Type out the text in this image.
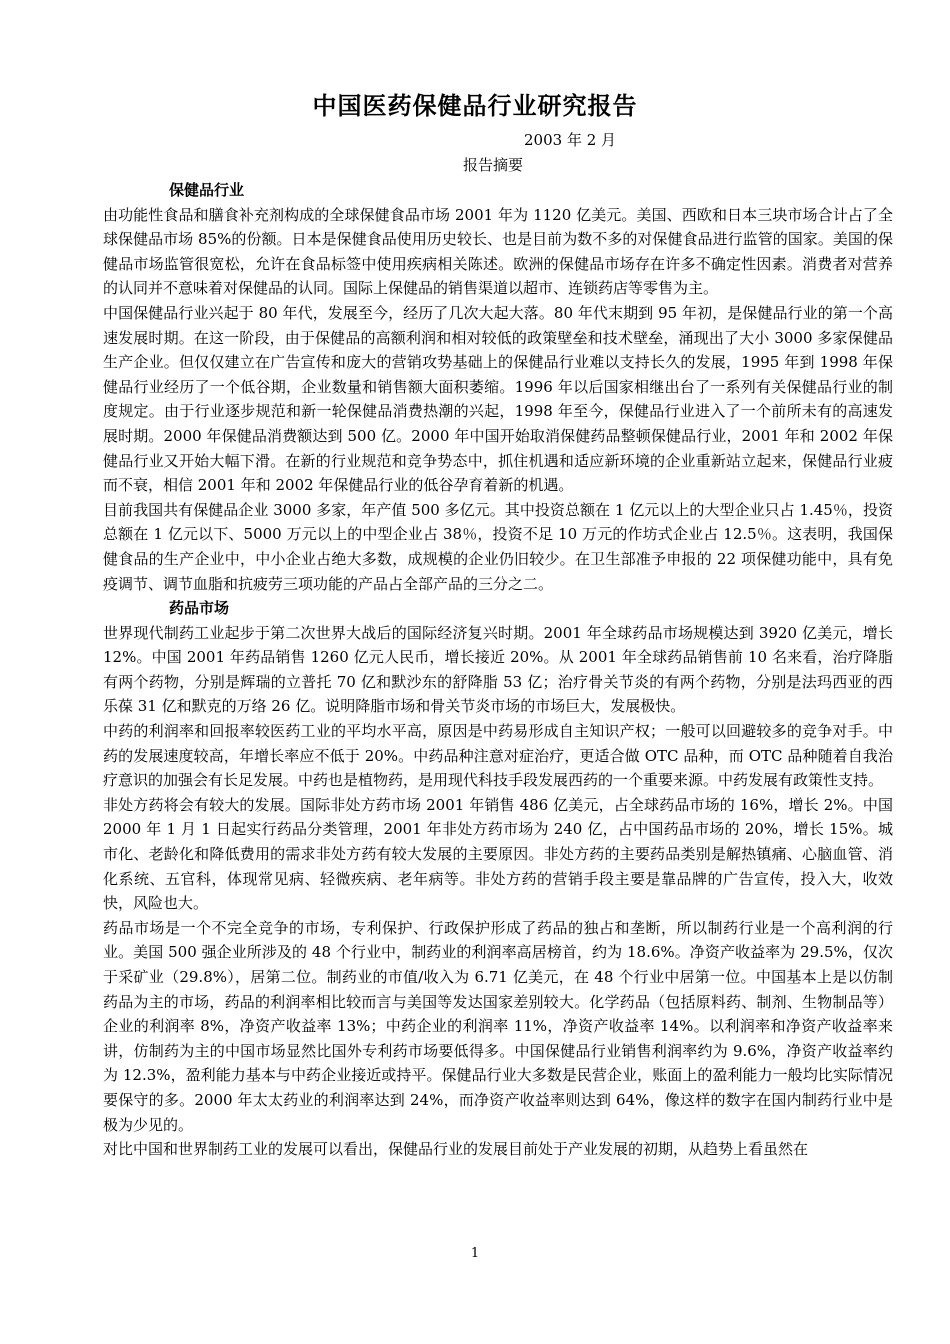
中国医药保健品行业研究报告
2003 年 2 月
报告摘要
保健品行业

由功能性食品和膳食补充剂构成的全球保健食品市场 2001 年为 1120 亿美元。美国、西欧和日本三块市场合计占了全球保健品市场 85%的份额。日本是保健食品使用历史较长、也是目前为数不多的对保健食品进行监管的国家。美国的保健品市场监管很宽松，允许在食品标签中使用疾病相关陈述。欧洲的保健品市场存在许多不确定性因素。消费者对营养的认同并不意味着对保健品的认同。国际上保健品的销售渠道以超市、连锁药店等零售为主。

中国保健品行业兴起于 80 年代，发展至今，经历了几次大起大落。80 年代末期到 95 年初，是保健品行业的第一个高速发展时期。在这一阶段，由于保健品的高额利润和相对较低的政策壁垒和技术壁垒，涌现出了大小 3000 多家保健品生产企业。但仅仅建立在广告宣传和庞大的营销攻势基础上的保健品行业难以支持长久的发展，1995 年到 1998 年保健品行业经历了一个低谷期，企业数量和销售额大面积萎缩。1996 年以后国家相继出台了一系列有关保健品行业的制度规定。由于行业逐步规范和新一轮保健品消费热潮的兴起，1998 年至今，保健品行业进入了一个前所未有的高速发展时期。2000 年保健品消费额达到 500 亿。2000 年中国开始取消保健药品整顿保健品行业，2001 年和 2002 年保健品行业又开始大幅下滑。在新的行业规范和竞争势态中，抓住机遇和适应新环境的企业重新站立起来，保健品行业疲而不衰，相信 2001 年和 2002 年保健品行业的低谷孕育着新的机遇。

目前我国共有保健品企业 3000 多家，年产值 500 多亿元。其中投资总额在 1 亿元以上的大型企业只占 1.45％，投资总额在 1 亿元以下、5000 万元以上的中型企业占 38％，投资不足 10 万元的作坊式企业占 12.5％。这表明，我国保健食品的生产企业中，中小企业占绝大多数，成规模的企业仍旧较少。在卫生部准予申报的 22 项保健功能中，具有免疫调节、调节血脂和抗疲劳三项功能的产品占全部产品的三分之二。

药品市场

世界现代制药工业起步于第二次世界大战后的国际经济复兴时期。2001 年全球药品市场规模达到 3920 亿美元，增长 12%。中国 2001 年药品销售 1260 亿元人民币，增长接近 20%。从 2001 年全球药品销售前 10 名来看，治疗降脂有两个药物，分别是辉瑞的立普托 70 亿和默沙东的舒降脂 53 亿；治疗骨关节炎的有两个药物，分别是法玛西亚的西乐葆 31 亿和默克的万络 26 亿。说明降脂市场和骨关节炎市场的市场巨大，发展极快。

中药的利润率和回报率较医药工业的平均水平高，原因是中药易形成自主知识产权；一般可以回避较多的竞争对手。中药的发展速度较高，年增长率应不低于 20%。中药品种注意对症治疗，更适合做 OTC 品种，而 OTC 品种随着自我治疗意识的加强会有长足发展。中药也是植物药，是用现代科技手段发展西药的一个重要来源。中药发展有政策性支持。

非处方药将会有较大的发展。国际非处方药市场 2001 年销售 486 亿美元，占全球药品市场的 16%，增长 2%。中国 2000 年 1 月 1 日起实行药品分类管理，2001 年非处方药市场为 240 亿，占中国药品市场的 20%，增长 15%。城市化、老龄化和降低费用的需求非处方药有较大发展的主要原因。非处方药的主要药品类别是解热镇痛、心脑血管、消化系统、五官科，体现常见病、轻微疾病、老年病等。非处方药的营销手段主要是靠品牌的广告宣传，投入大，收效快，风险也大。

药品市场是一个不完全竞争的市场，专利保护、行政保护形成了药品的独占和垄断，所以制药行业是一个高利润的行业。美国 500 强企业所涉及的 48 个行业中，制药业的利润率高居榜首，约为 18.6%。净资产收益率为 29.5%，仅次于采矿业（29.8%），居第二位。制药业的市值/收入为 6.71 亿美元，在 48 个行业中居第一位。中国基本上是以仿制药品为主的市场，药品的利润率相比较而言与美国等发达国家差别较大。化学药品（包括原料药、制剂、生物制品等）企业的利润率 8%，净资产收益率 13%；中药企业的利润率 11%，净资产收益率 14%。以利润率和净资产收益率来讲，仿制药为主的中国市场显然比国外专利药市场要低得多。中国保健品行业销售利润率约为 9.6%，净资产收益率约为 12.3%，盈利能力基本与中药企业接近或持平。保健品行业大多数是民营企业，账面上的盈利能力一般均比实际情况要保守的多。2000 年太太药业的利润率达到 24%，而净资产收益率则达到 64%，像这样的数字在国内制药行业中是极为少见的。

对比中国和世界制药工业的发展可以看出，保健品行业的发展目前处于产业发展的初期，从趋势上看虽然在

1
